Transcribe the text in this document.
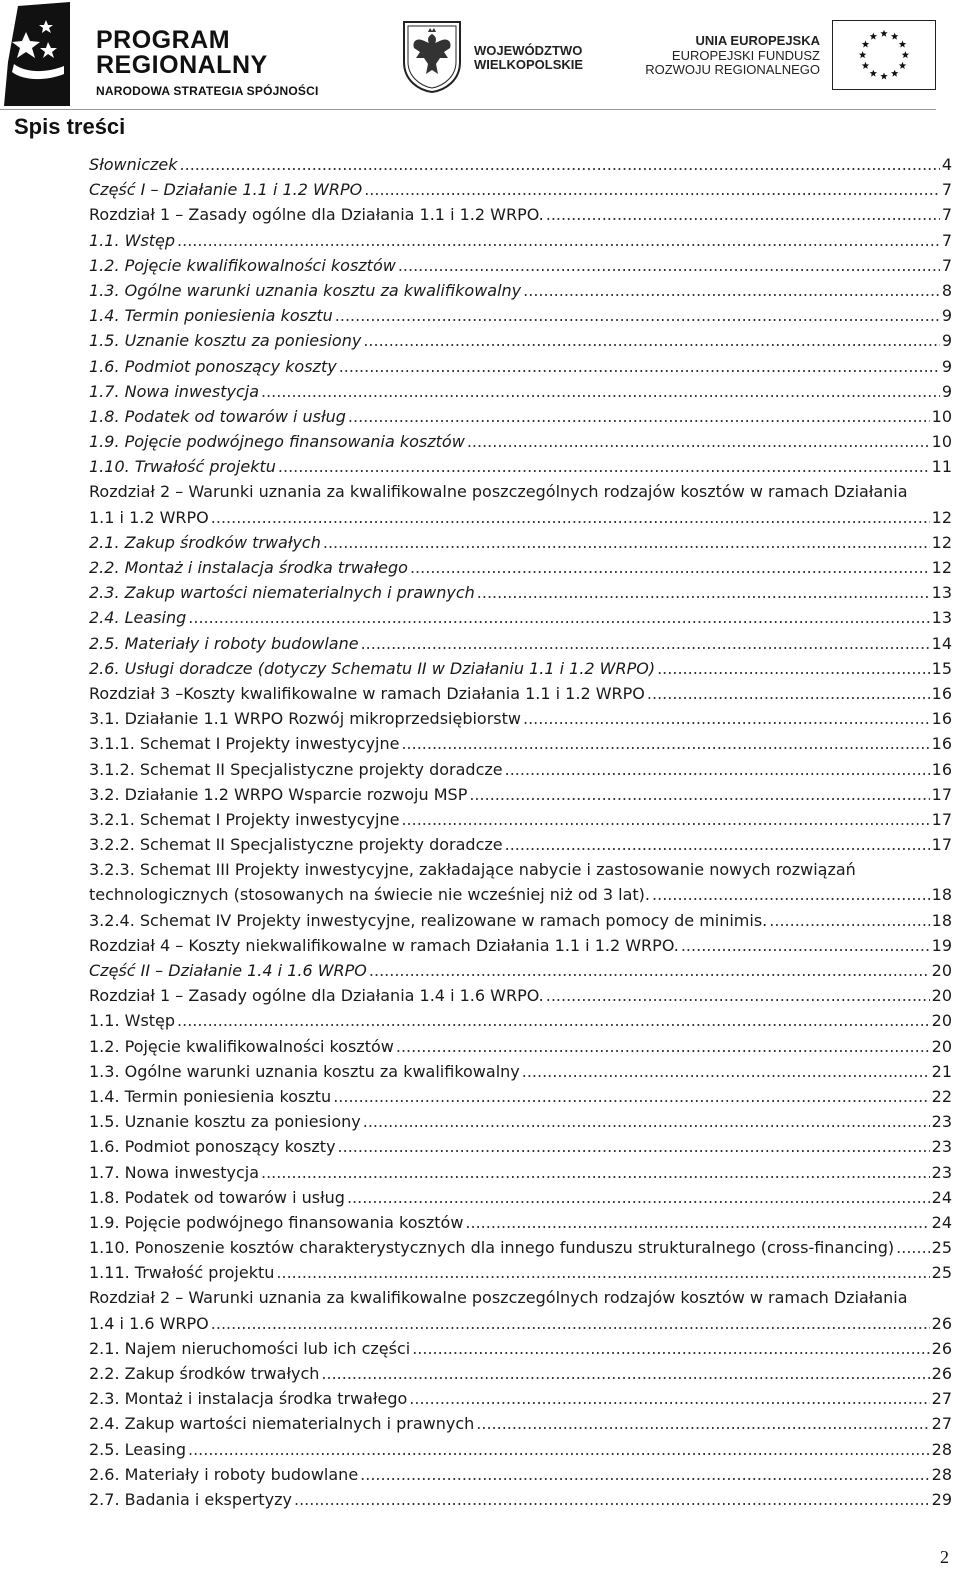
PROGRAM
REGIONALNY
NARODOWA STRATEGIA SPÓJNOŚCI
WOJEWÓDZTWO
WIELKOPOLSKIE
UNIA EUROPEJSKA
EUROPEJSKI FUNDUSZ
ROZWOJU REGIONALNEGO
Spis treści
Słowniczek .....	4
Część I – Działanie 1.1 i 1.2 WRPO .....	7
Rozdział 1 – Zasady ogólne dla Działania 1.1 i 1.2 WRPO. .....	7
1.1. Wstęp .....	7
1.2. Pojęcie kwalifikowalności kosztów .....	7
1.3. Ogólne warunki uznania kosztu za kwalifikowalny .....	8
1.4. Termin poniesienia kosztu .....	9
1.5. Uznanie kosztu za poniesiony .....	9
1.6. Podmiot ponoszący koszty .....	9
1.7. Nowa inwestycja .....	9
1.8. Podatek od towarów i usług .....	10
1.9. Pojęcie podwójnego finansowania kosztów .....	10
1.10. Trwałość projektu .....	11
Rozdział 2 – Warunki uznania za kwalifikowalne poszczególnych rodzajów kosztów w ramach Działania
1.1 i 1.2 WRPO .....	12
2.1. Zakup środków trwałych .....	12
2.2. Montaż i instalacja środka trwałego .....	12
2.3. Zakup wartości niematerialnych i prawnych .....	13
2.4. Leasing .....	13
2.5. Materiały i roboty budowlane .....	14
2.6. Usługi doradcze (dotyczy Schematu II w Działaniu 1.1 i 1.2 WRPO) .....	15
Rozdział 3 –Koszty kwalifikowalne w ramach Działania 1.1 i 1.2 WRPO .....	16
3.1. Działanie 1.1 WRPO Rozwój mikroprzedsiębiorstw .....	16
3.1.1. Schemat I Projekty inwestycyjne .....	16
3.1.2. Schemat II Specjalistyczne projekty doradcze .....	16
3.2. Działanie 1.2 WRPO Wsparcie rozwoju MSP .....	17
3.2.1. Schemat I Projekty inwestycyjne .....	17
3.2.2. Schemat II Specjalistyczne projekty doradcze .....	17
3.2.3. Schemat III Projekty inwestycyjne, zakładające nabycie i zastosowanie nowych rozwiązań
technologicznych (stosowanych na świecie nie wcześniej niż od 3 lat). .....	18
3.2.4. Schemat IV Projekty inwestycyjne, realizowane w ramach pomocy de minimis. .....	18
Rozdział 4 – Koszty niekwalifikowalne w ramach Działania 1.1 i 1.2 WRPO. .....	19
Część II – Działanie 1.4 i 1.6 WRPO .....	20
Rozdział 1 – Zasady ogólne dla Działania 1.4 i 1.6 WRPO. .....	20
1.1. Wstęp .....	20
1.2. Pojęcie kwalifikowalności kosztów .....	20
1.3. Ogólne warunki uznania kosztu za kwalifikowalny .....	21
1.4. Termin poniesienia kosztu .....	22
1.5. Uznanie kosztu za poniesiony .....	23
1.6. Podmiot ponoszący koszty .....	23
1.7. Nowa inwestycja .....	23
1.8. Podatek od towarów i usług .....	24
1.9. Pojęcie podwójnego finansowania kosztów .....	24
1.10. Ponoszenie kosztów charakterystycznych dla innego funduszu strukturalnego (cross-financing) ..... 25
1.11. Trwałość projektu .....	25
Rozdział 2 – Warunki uznania za kwalifikowalne poszczególnych rodzajów kosztów w ramach Działania
1.4 i 1.6 WRPO .....	26
2.1. Najem nieruchomości lub ich części .....	26
2.2. Zakup środków trwałych .....	26
2.3. Montaż i instalacja środka trwałego .....	27
2.4. Zakup wartości niematerialnych i prawnych .....	27
2.5. Leasing .....	28
2.6. Materiały i roboty budowlane .....	28
2.7. Badania i ekspertyzy .....	29
2
